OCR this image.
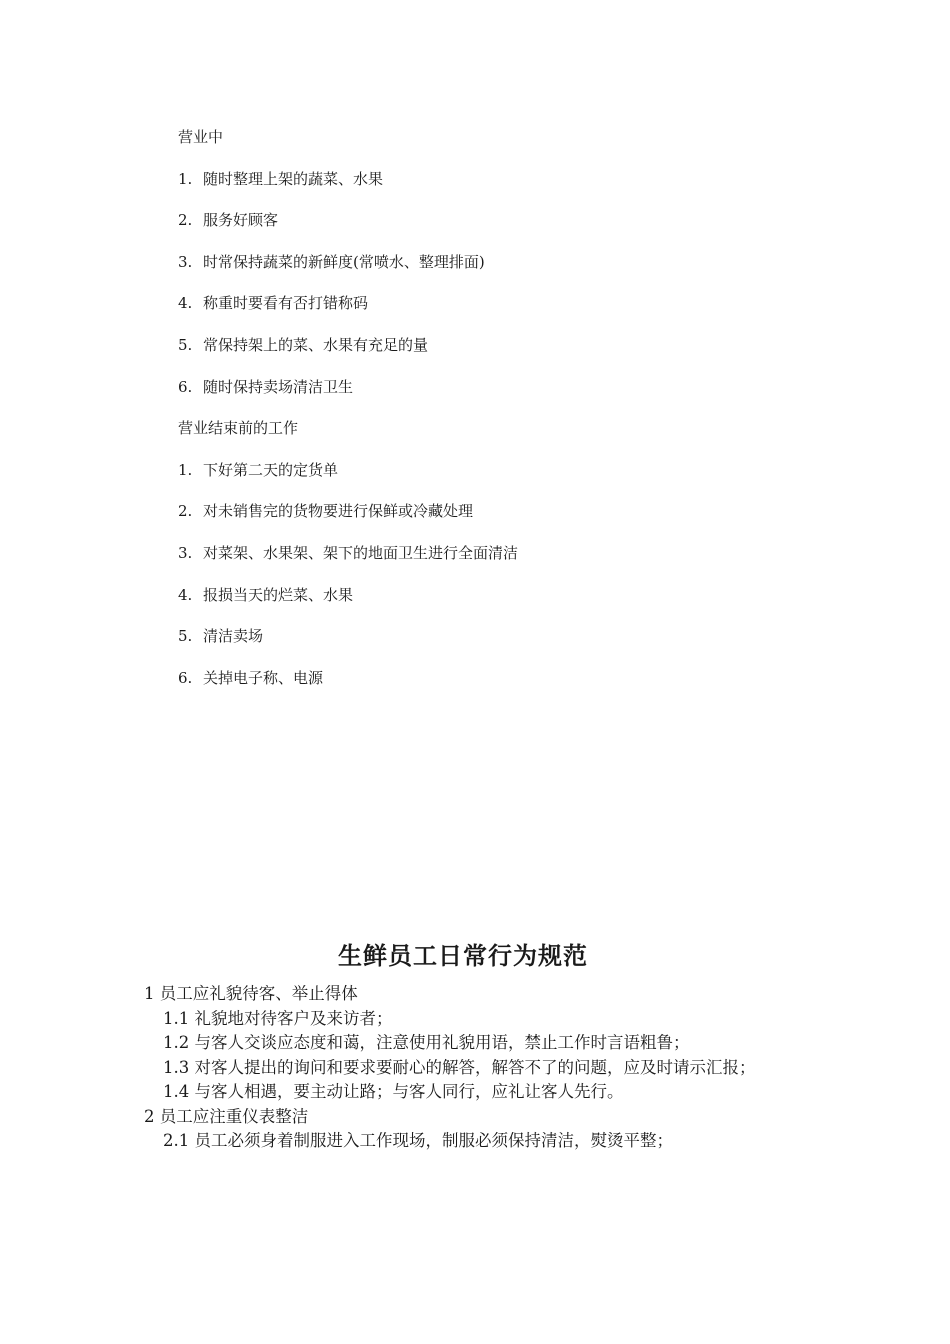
营业中
1. 随时整理上架的蔬菜、水果
2. 服务好顾客
3. 时常保持蔬菜的新鲜度(常喷水、整理排面)
4. 称重时要看有否打错称码
5. 常保持架上的菜、水果有充足的量
6. 随时保持卖场清洁卫生
营业结束前的工作
1. 下好第二天的定货单
2. 对未销售完的货物要进行保鲜或冷藏处理
3. 对菜架、水果架、架下的地面卫生进行全面清洁
4. 报损当天的烂菜、水果
5. 清洁卖场
6. 关掉电子称、电源
生鲜员工日常行为规范
1 员工应礼貌待客、举止得体
1.1 礼貌地对待客户及来访者；
1.2 与客人交谈应态度和蔼，注意使用礼貌用语，禁止工作时言语粗鲁；
1.3 对客人提出的询问和要求要耐心的解答，解答不了的问题，应及时请示汇报；
1.4 与客人相遇，要主动让路；与客人同行，应礼让客人先行。
2 员工应注重仪表整洁
2.1 员工必须身着制服进入工作现场，制服必须保持清洁，熨烫平整；
